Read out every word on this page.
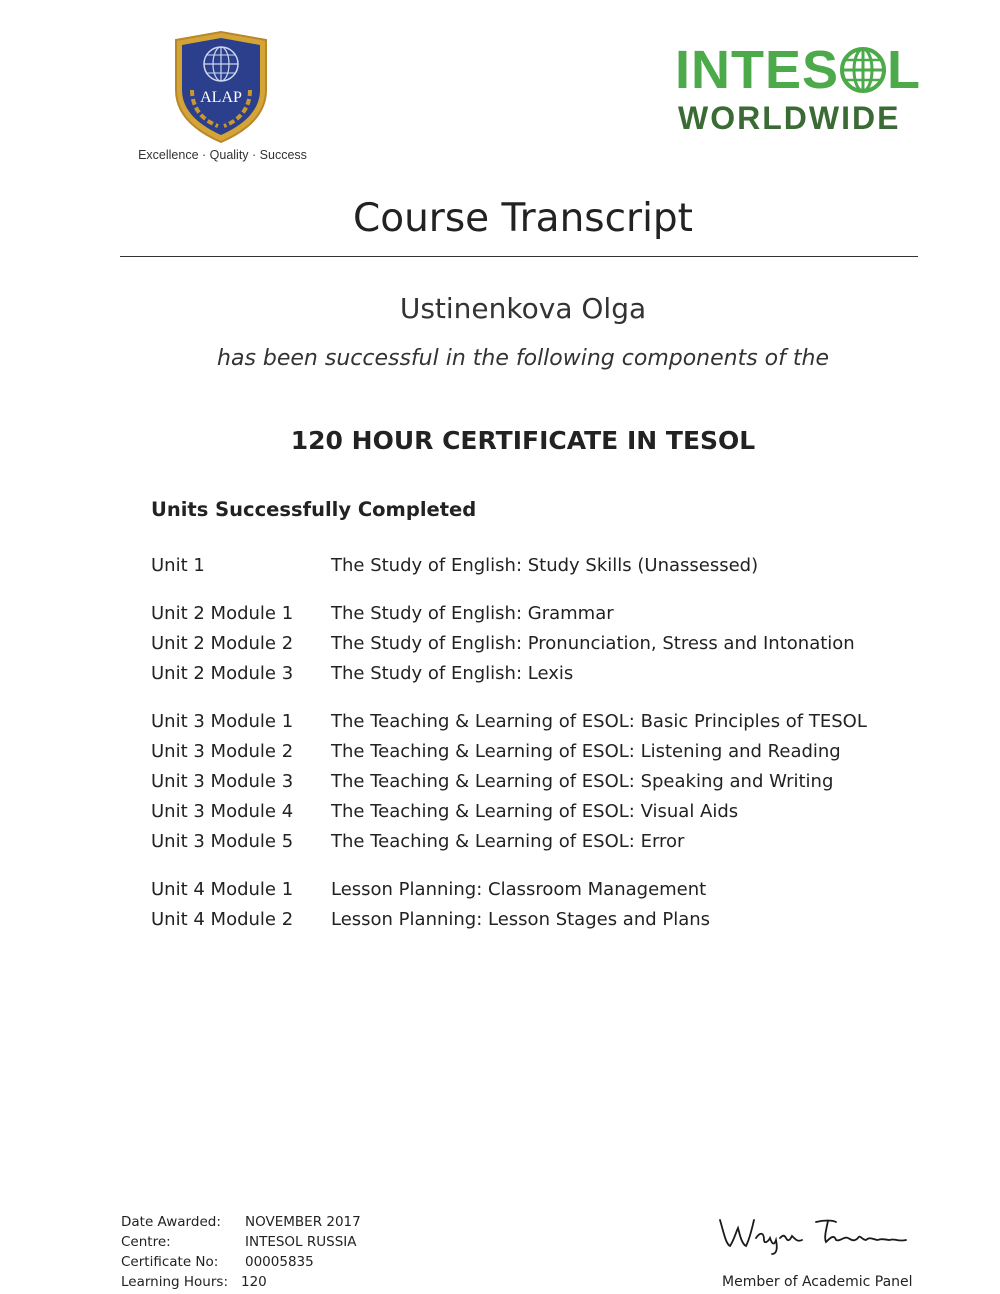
ALAP
Excellence · Quality · Success
INTES L
WORLDWIDE
Course Transcript
Ustinenkova Olga
has been successful in the following components of the
120 HOUR CERTIFICATE IN TESOL
Units Successfully Completed
Unit 1	The Study of English: Study Skills (Unassessed)
Unit 2 Module 1 The Study of English: Grammar
Unit 2 Module 2 The Study of English: Pronunciation, Stress and Intonation
Unit 2 Module 3 The Study of English: Lexis
Unit 3 Module 1 The Teaching & Learning of ESOL: Basic Principles of TESOL
Unit 3 Module 2 The Teaching & Learning of ESOL: Listening and Reading
Unit 3 Module 3 The Teaching & Learning of ESOL: Speaking and Writing
Unit 3 Module 4 The Teaching & Learning of ESOL: Visual Aids
Unit 3 Module 5 The Teaching & Learning of ESOL: Error
Unit 4 Module 1 Lesson Planning: Classroom Management
Unit 4 Module 2 Lesson Planning: Lesson Stages and Plans
Date Awarded: NOVEMBER 2017
Centre:	INTESOL RUSSIA
Certificate No: 00005835
Learning Hours: 120	Member of Academic Panel
